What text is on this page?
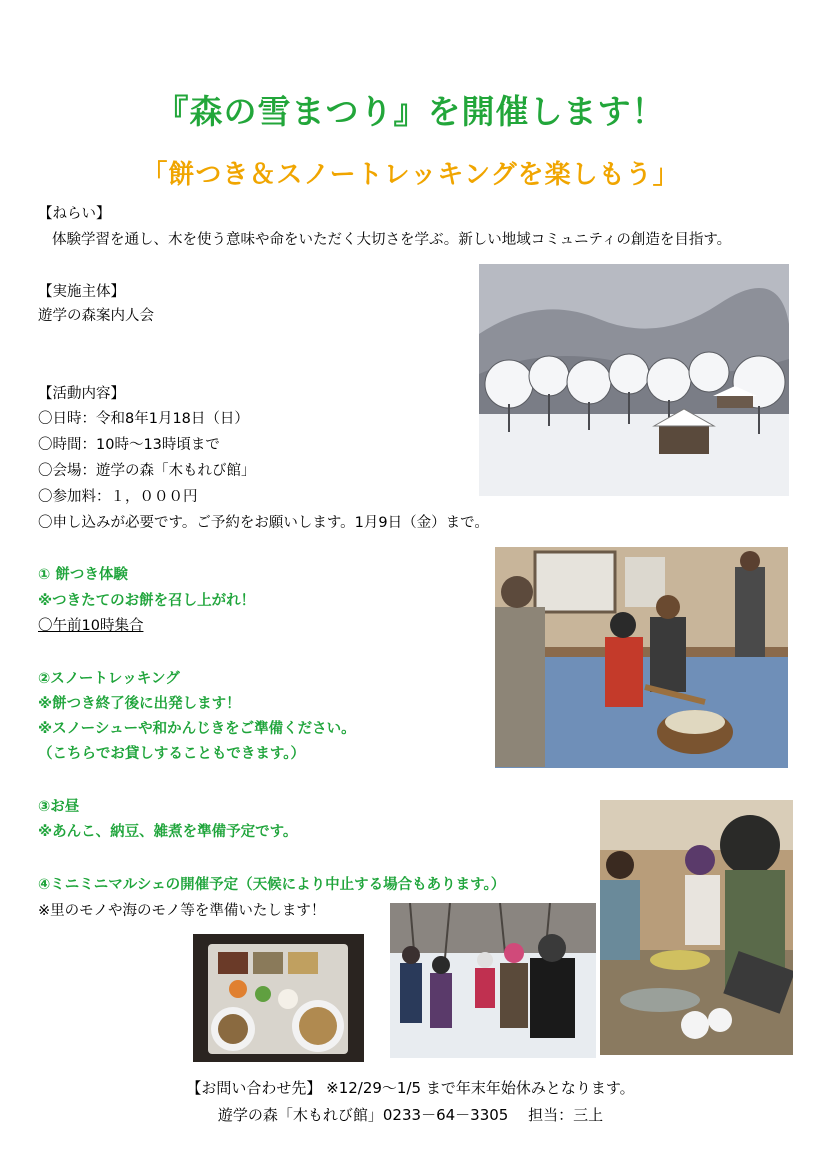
『森の雪まつり』を開催します！
「餅つき＆スノートレッキングを楽しもう」
【ねらい】
体験学習を通し、木を使う意味や命をいただく大切さを学ぶ。新しい地域コミュニティの創造を目指す。
【実施主体】
遊学の森案内人会
【活動内容】
〇日時：令和8年1月18日（日）
〇時間：10時～13時頃まで
〇会場：遊学の森「木もれび館」
〇参加料：１，０００円
〇申し込みが必要です。ご予約をお願いします。1月9日（金）まで。
① 餅つき体験
※つきたてのお餅を召し上がれ！
〇午前10時集合
②スノートレッキング
※餅つき終了後に出発します！
※スノーシューや和かんじきをご準備ください。
（こちらでお貸しすることもできます。）
③お昼
※あんこ、納豆、雑煮を準備予定です。
④ミニミニマルシェの開催予定（天候により中止する場合もあります。）
※里のモノや海のモノ等を準備いたします！
【お問い合わせ先】 ※12/29～1/5 まで年末年始休みとなります。
遊学の森「木もれび館」0233－64－3305　 担当：三上
